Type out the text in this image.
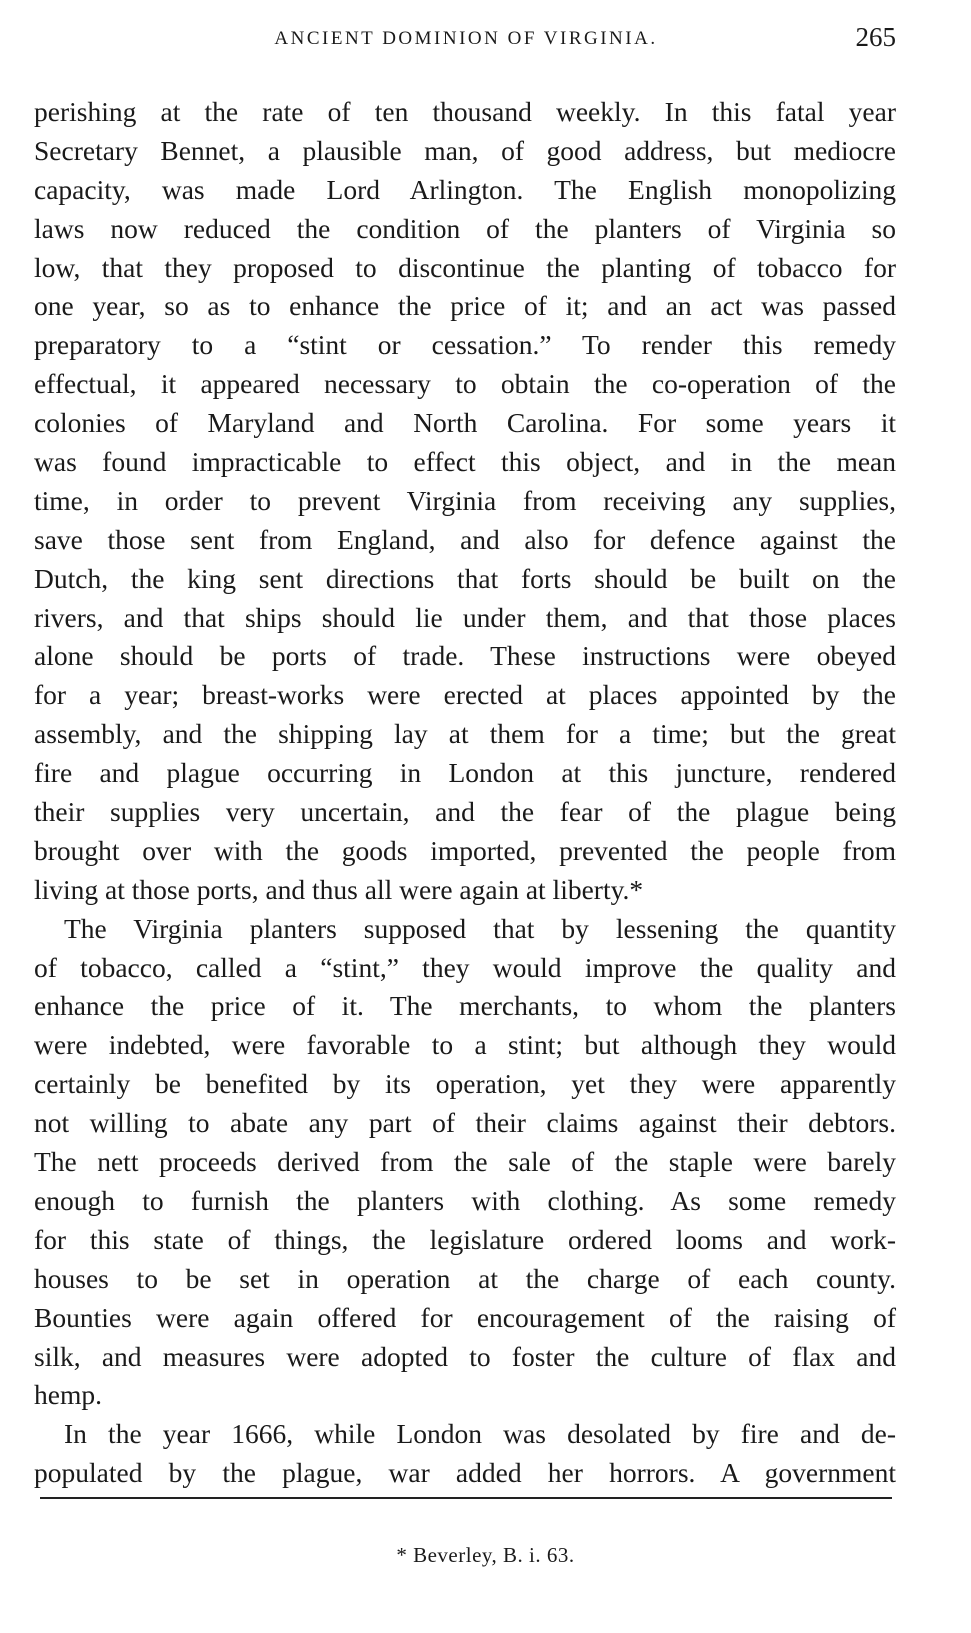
ANCIENT DOMINION OF VIRGINIA.	265
perishing at the rate of ten thousand weekly. In this fatal year
Secretary Bennet, a plausible man, of good address, but mediocre
capacity, was made Lord Arlington. The English monopolizing
laws now reduced the condition of the planters of Virginia so
low, that they proposed to discontinue the planting of tobacco for
one year, so as to enhance the price of it; and an act was passed
preparatory to a “stint or cessation.” To render this remedy
effectual, it appeared necessary to obtain the co-operation of the
colonies of Maryland and North Carolina. For some years it
was found impracticable to effect this object, and in the mean
time, in order to prevent Virginia from receiving any supplies,
save those sent from England, and also for defence against the
Dutch, the king sent directions that forts should be built on the
rivers, and that ships should lie under them, and that those places
alone should be ports of trade. These instructions were obeyed
for a year; breast-works were erected at places appointed by the
assembly, and the shipping lay at them for a time; but the great
fire and plague occurring in London at this juncture, rendered
their supplies very uncertain, and the fear of the plague being
brought over with the goods imported, prevented the people from
living at those ports, and thus all were again at liberty.*
The Virginia planters supposed that by lessening the quantity
of tobacco, called a “stint,” they would improve the quality and
enhance the price of it. The merchants, to whom the planters
were indebted, were favorable to a stint; but although they would
certainly be benefited by its operation, yet they were apparently
not willing to abate any part of their claims against their debtors.
The nett proceeds derived from the sale of the staple were barely
enough to furnish the planters with clothing. As some remedy
for this state of things, the legislature ordered looms and work-
houses to be set in operation at the charge of each county.
Bounties were again offered for encouragement of the raising of
silk, and measures were adopted to foster the culture of flax and
hemp.
In the year 1666, while London was desolated by fire and de-
populated by the plague, war added her horrors. A government
* Beverley, B. i. 63.
